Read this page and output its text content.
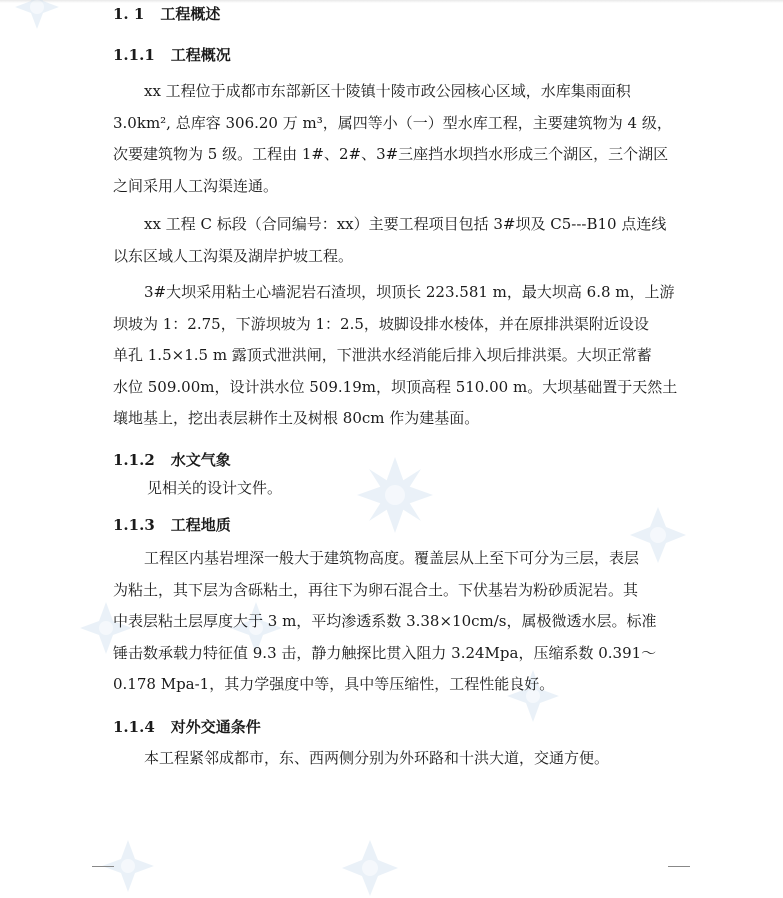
1. 1 工程概述
1.1.1 工程概况

xx 工程位于成都市东部新区十陵镇十陵市政公园核心区域，水库集雨面积
3.0km², 总库容 306.20 万 m³，属四等小（一）型水库工程，主要建筑物为 4 级，
次要建筑物为 5 级。工程由 1#、2#、3#三座挡水坝挡水形成三个湖区，三个湖区
之间采用人工沟渠连通。

xx 工程 C 标段（合同编号：xx）主要工程项目包括 3#坝及 C5---B10 点连线
以东区域人工沟渠及湖岸护坡工程。

3#大坝采用粘土心墙泥岩石渣坝，坝顶长 223.581 m，最大坝高 6.8 m，上游
坝坡为 1：2.75，下游坝坡为 1：2.5，坡脚设排水棱体，并在原排洪渠附近设设
单孔 1.5×1.5 m 露顶式泄洪闸，下泄洪水经消能后排入坝后排洪渠。大坝正常蓄
水位 509.00m，设计洪水位 509.19m，坝顶高程 510.00 m。大坝基础置于天然土
壤地基上，挖出表层耕作土及树根 80cm 作为建基面。

1.1.2 水文气象

见相关的设计文件。

1.1.3 工程地质

工程区内基岩埋深一般大于建筑物高度。覆盖层从上至下可分为三层，表层
为粘土，其下层为含砾粘土，再往下为卵石混合土。下伏基岩为粉砂质泥岩。其
中表层粘土层厚度大于 3 m，平均渗透系数 3.38×10cm/s，属极微透水层。标准
锤击数承载力特征值 9.3 击，静力触探比贯入阻力 3.24Mpa，压缩系数 0.391～
0.178 Mpa-1，其力学强度中等，具中等压缩性，工程性能良好。

1.1.4 对外交通条件

本工程紧邻成都市，东、西两侧分别为外环路和十洪大道，交通方便。
